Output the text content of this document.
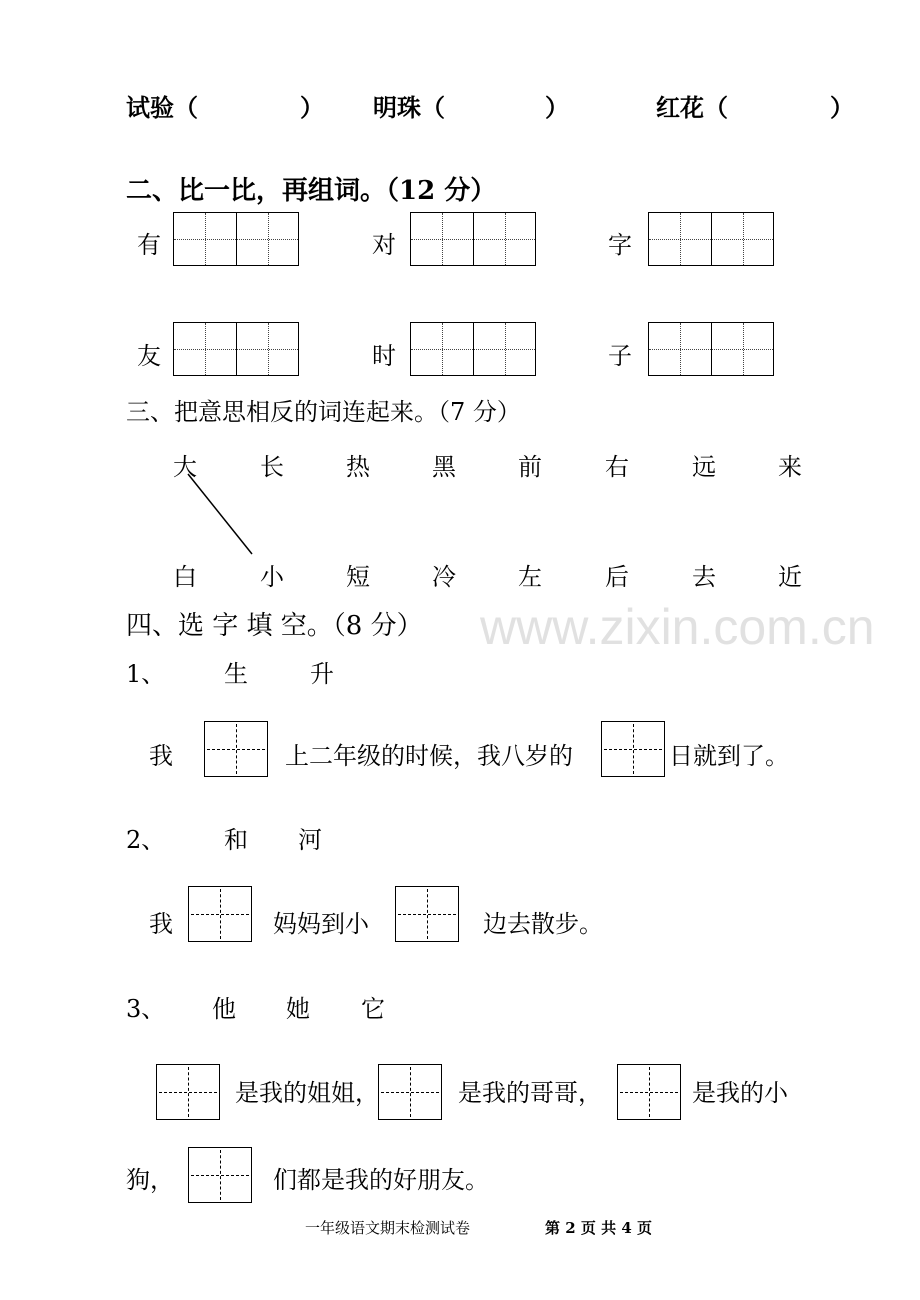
试验（	） 明珠（	）	红花（	）
二、比一比，再组词。（12 分）
有	对	字
友	时	子
三、把意思相反的词连起来。（7 分）
大	长	热	黑	前	右	远	来
白	小	短	冷	左	后	去	近
www.zixin.com.cn
四、选 字 填 空。（8 分）
1、 生	升
我	上二年级的时候，我八岁的	日就到了。
2、 和 河
我	妈妈到小	边去散步。
3、 他 她 它
是我的姐姐，	是我的哥哥，	是我的小
狗，	们都是我的好朋友。
一年级语文期末检测试卷	第 2 页 共 4 页
